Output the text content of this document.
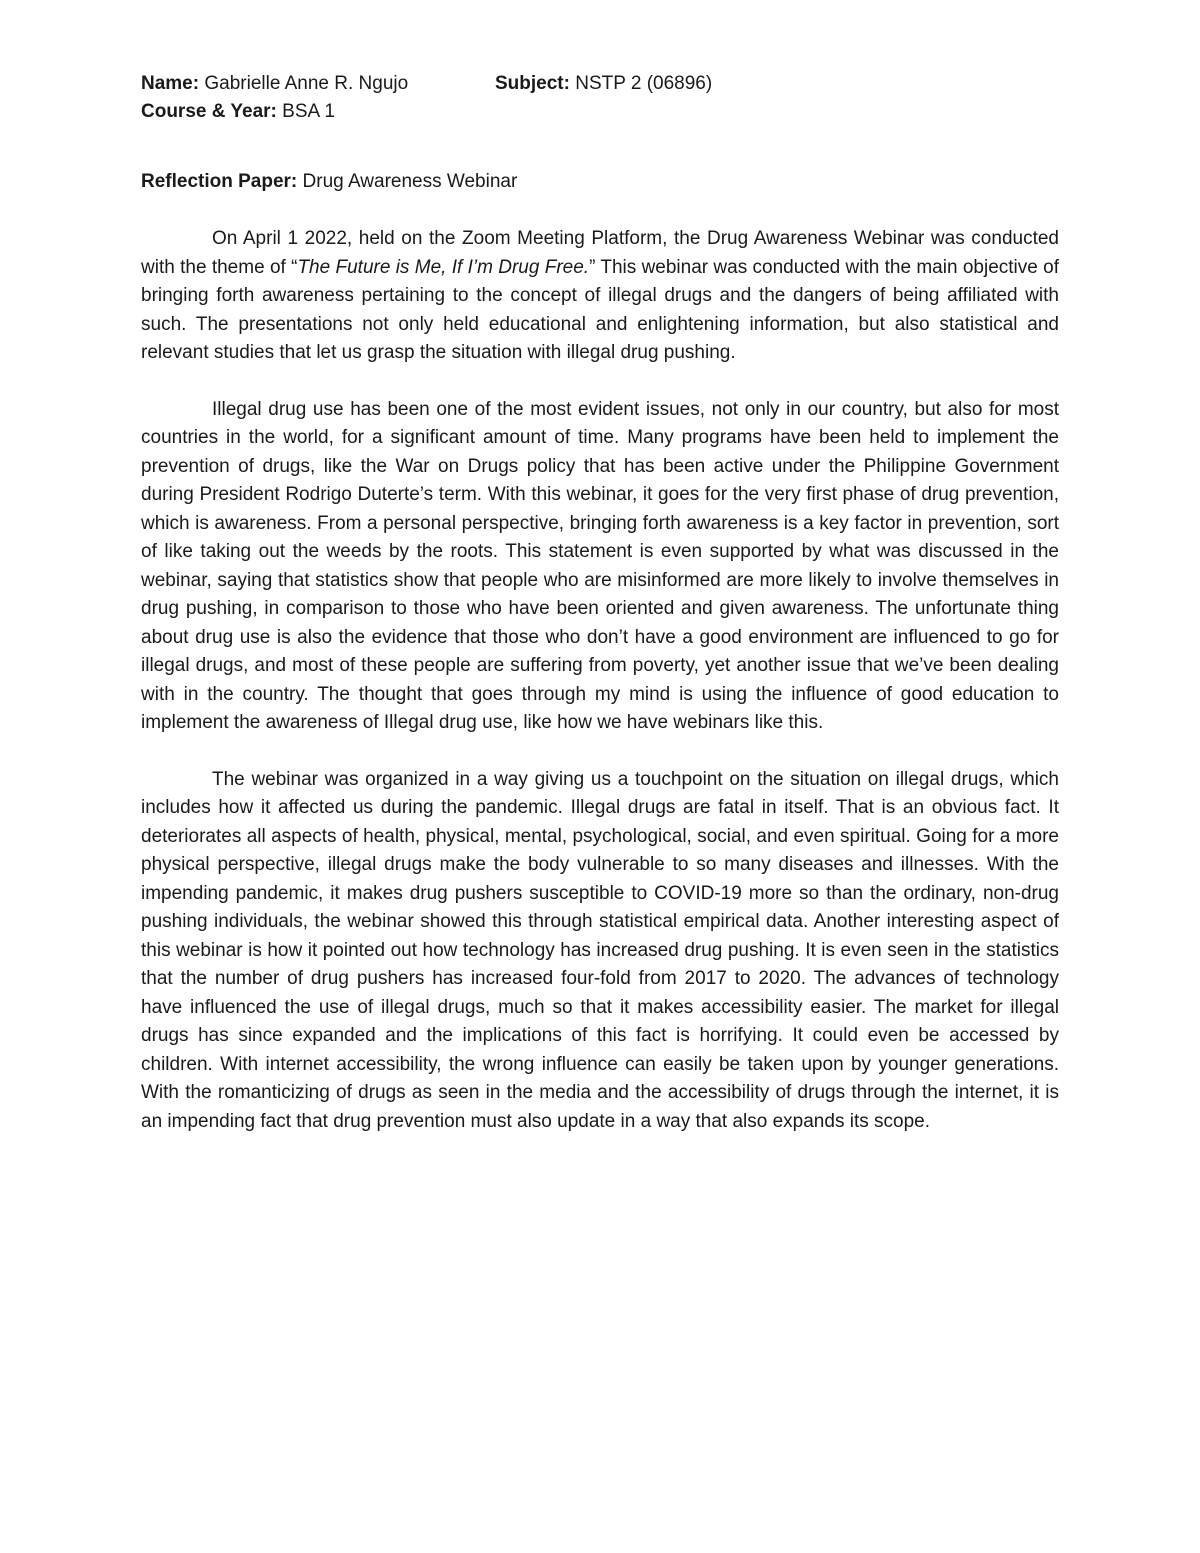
Name: Gabrielle Anne R. Ngujo	Subject: NSTP 2 (06896)
Course & Year: BSA 1
Reflection Paper: Drug Awareness Webinar

On April 1 2022, held on the Zoom Meeting Platform, the Drug Awareness Webinar was conducted with the theme of “The Future is Me, If I’m Drug Free.” This webinar was conducted with the main objective of bringing forth awareness pertaining to the concept of illegal drugs and the dangers of being affiliated with such. The presentations not only held educational and enlightening information, but also statistical and relevant studies that let us grasp the situation with illegal drug pushing.

Illegal drug use has been one of the most evident issues, not only in our country, but also for most countries in the world, for a significant amount of time. Many programs have been held to implement the prevention of drugs, like the War on Drugs policy that has been active under the Philippine Government during President Rodrigo Duterte’s term. With this webinar, it goes for the very first phase of drug prevention, which is awareness. From a personal perspective, bringing forth awareness is a key factor in prevention, sort of like taking out the weeds by the roots. This statement is even supported by what was discussed in the webinar, saying that statistics show that people who are misinformed are more likely to involve themselves in drug pushing, in comparison to those who have been oriented and given awareness. The unfortunate thing about drug use is also the evidence that those who don’t have a good environment are influenced to go for illegal drugs, and most of these people are suffering from poverty, yet another issue that we’ve been dealing with in the country. The thought that goes through my mind is using the influence of good education to implement the awareness of Illegal drug use, like how we have webinars like this.

The webinar was organized in a way giving us a touchpoint on the situation on illegal drugs, which includes how it affected us during the pandemic. Illegal drugs are fatal in itself. That is an obvious fact. It deteriorates all aspects of health, physical, mental, psychological, social, and even spiritual. Going for a more physical perspective, illegal drugs make the body vulnerable to so many diseases and illnesses. With the impending pandemic, it makes drug pushers susceptible to COVID-19 more so than the ordinary, non-drug pushing individuals, the webinar showed this through statistical empirical data. Another interesting aspect of this webinar is how it pointed out how technology has increased drug pushing. It is even seen in the statistics that the number of drug pushers has increased four-fold from 2017 to 2020. The advances of technology have influenced the use of illegal drugs, much so that it makes accessibility easier. The market for illegal drugs has since expanded and the implications of this fact is horrifying. It could even be accessed by children. With internet accessibility, the wrong influence can easily be taken upon by younger generations. With the romanticizing of drugs as seen in the media and the accessibility of drugs through the internet, it is an impending fact that drug prevention must also update in a way that also expands its scope.
